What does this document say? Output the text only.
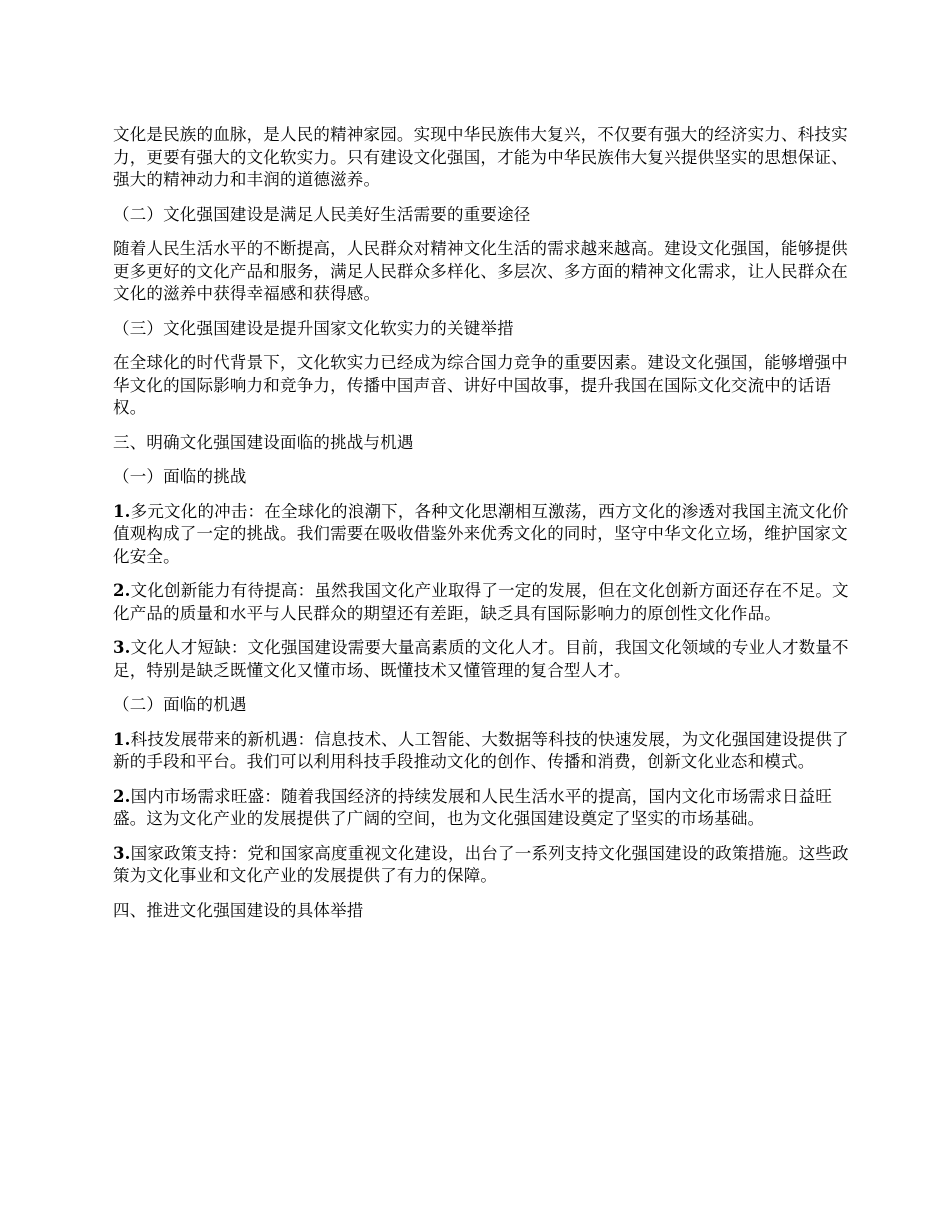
文化是民族的血脉，是人民的精神家园。实现中华民族伟大复兴，不仅要有强大的经济实力、科技实力，更要有强大的文化软实力。只有建设文化强国，才能为中华民族伟大复兴提供坚实的思想保证、强大的精神动力和丰润的道德滋养。

（二）文化强国建设是满足人民美好生活需要的重要途径

随着人民生活水平的不断提高，人民群众对精神文化生活的需求越来越高。建设文化强国，能够提供更多更好的文化产品和服务，满足人民群众多样化、多层次、多方面的精神文化需求，让人民群众在文化的滋养中获得幸福感和获得感。

（三）文化强国建设是提升国家文化软实力的关键举措

在全球化的时代背景下，文化软实力已经成为综合国力竞争的重要因素。建设文化强国，能够增强中华文化的国际影响力和竞争力，传播中国声音、讲好中国故事，提升我国在国际文化交流中的话语权。

三、明确文化强国建设面临的挑战与机遇

（一）面临的挑战

1.多元文化的冲击：在全球化的浪潮下，各种文化思潮相互激荡，西方文化的渗透对我国主流文化价值观构成了一定的挑战。我们需要在吸收借鉴外来优秀文化的同时，坚守中华文化立场，维护国家文化安全。

2.文化创新能力有待提高：虽然我国文化产业取得了一定的发展，但在文化创新方面还存在不足。文化产品的质量和水平与人民群众的期望还有差距，缺乏具有国际影响力的原创性文化作品。

3.文化人才短缺：文化强国建设需要大量高素质的文化人才。目前，我国文化领域的专业人才数量不足，特别是缺乏既懂文化又懂市场、既懂技术又懂管理的复合型人才。

（二）面临的机遇

1.科技发展带来的新机遇：信息技术、人工智能、大数据等科技的快速发展，为文化强国建设提供了新的手段和平台。我们可以利用科技手段推动文化的创作、传播和消费，创新文化业态和模式。

2.国内市场需求旺盛：随着我国经济的持续发展和人民生活水平的提高，国内文化市场需求日益旺盛。这为文化产业的发展提供了广阔的空间，也为文化强国建设奠定了坚实的市场基础。

3.国家政策支持：党和国家高度重视文化建设，出台了一系列支持文化强国建设的政策措施。这些政策为文化事业和文化产业的发展提供了有力的保障。

四、推进文化强国建设的具体举措
